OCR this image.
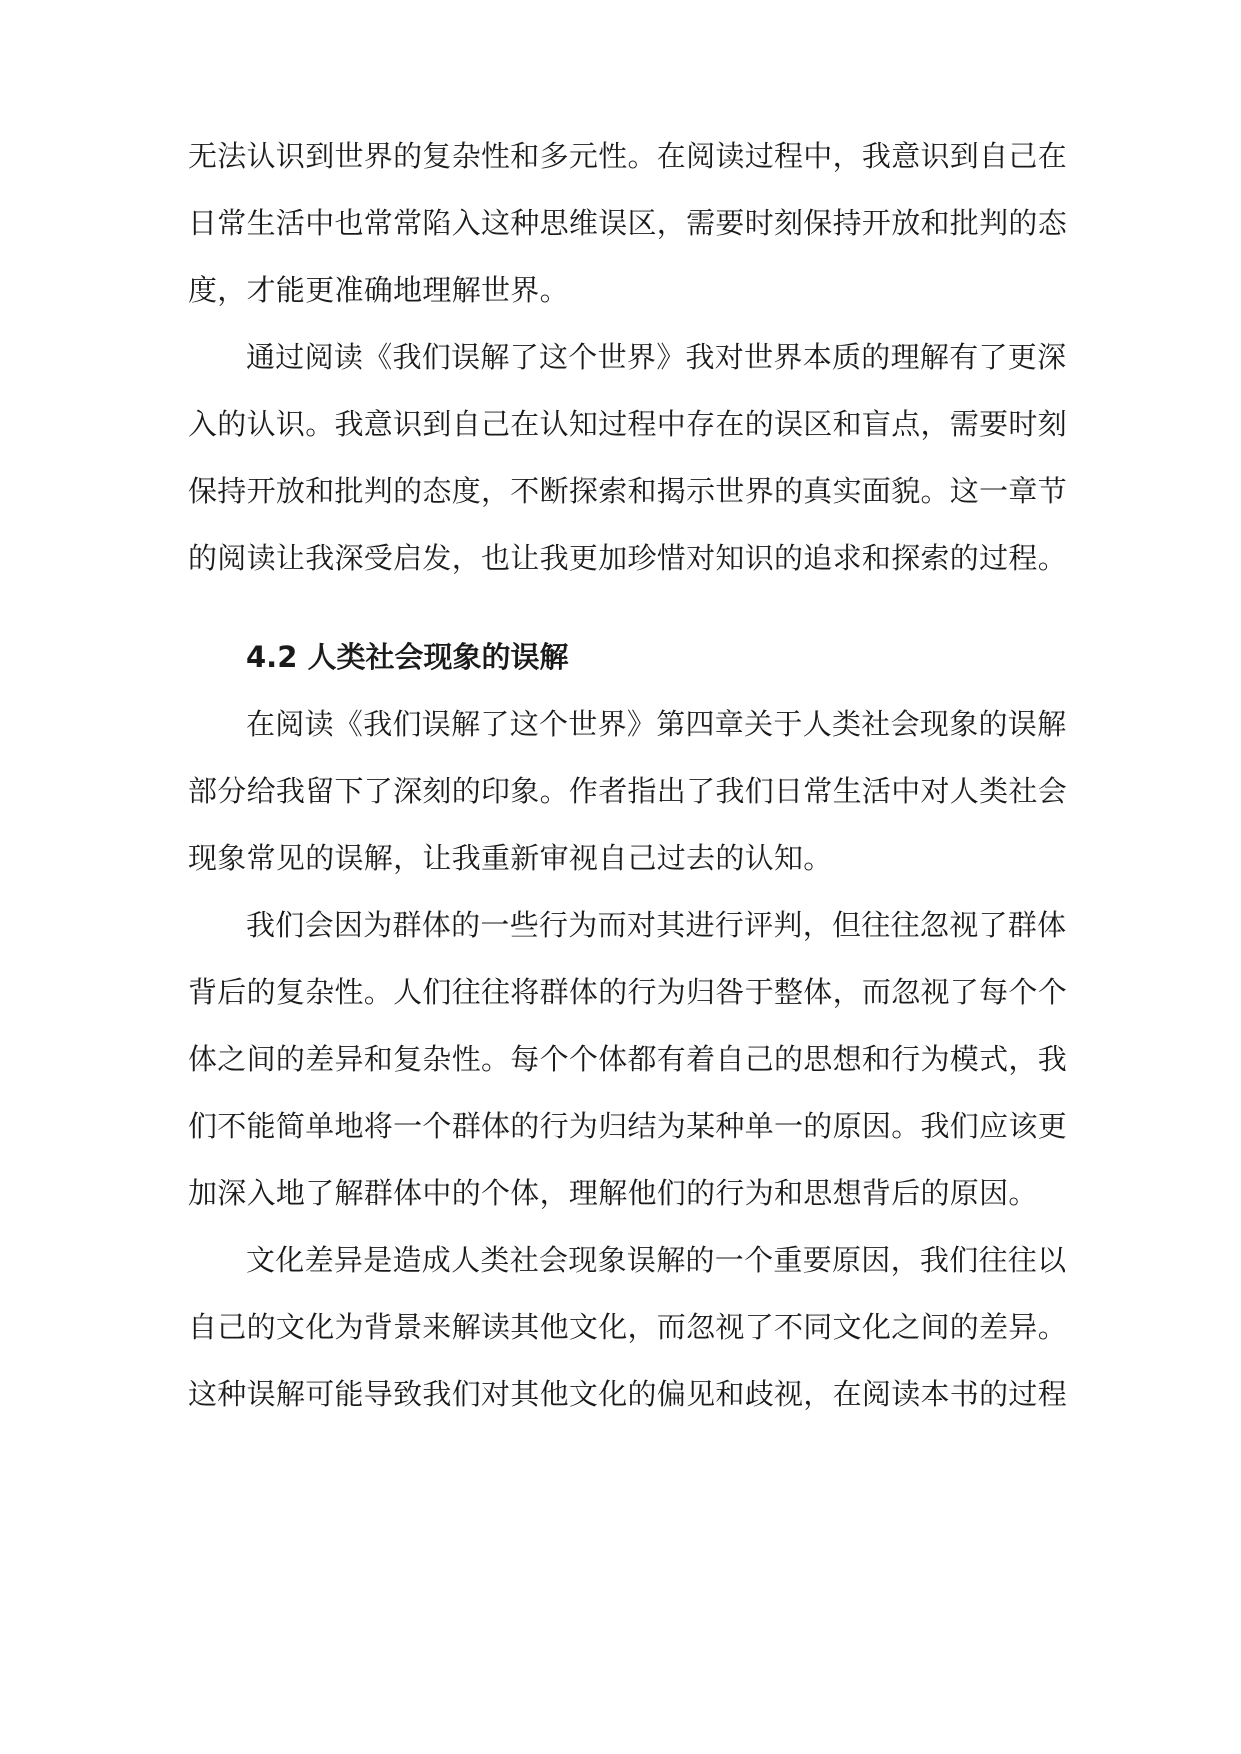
无法认识到世界的复杂性和多元性。在阅读过程中，我意识到自己在
日常生活中也常常陷入这种思维误区，需要时刻保持开放和批判的态
度，才能更准确地理解世界。
通过阅读《我们误解了这个世界》我对世界本质的理解有了更深
入的认识。我意识到自己在认知过程中存在的误区和盲点，需要时刻
保持开放和批判的态度，不断探索和揭示世界的真实面貌。这一章节
的阅读让我深受启发，也让我更加珍惜对知识的追求和探索的过程。
4.2 人类社会现象的误解
在阅读《我们误解了这个世界》第四章关于人类社会现象的误解
部分给我留下了深刻的印象。作者指出了我们日常生活中对人类社会
现象常见的误解，让我重新审视自己过去的认知。
我们会因为群体的一些行为而对其进行评判，但往往忽视了群体
背后的复杂性。人们往往将群体的行为归咎于整体，而忽视了每个个
体之间的差异和复杂性。每个个体都有着自己的思想和行为模式，我
们不能简单地将一个群体的行为归结为某种单一的原因。我们应该更
加深入地了解群体中的个体，理解他们的行为和思想背后的原因。
文化差异是造成人类社会现象误解的一个重要原因，我们往往以
自己的文化为背景来解读其他文化，而忽视了不同文化之间的差异。
这种误解可能导致我们对其他文化的偏见和歧视，在阅读本书的过程
